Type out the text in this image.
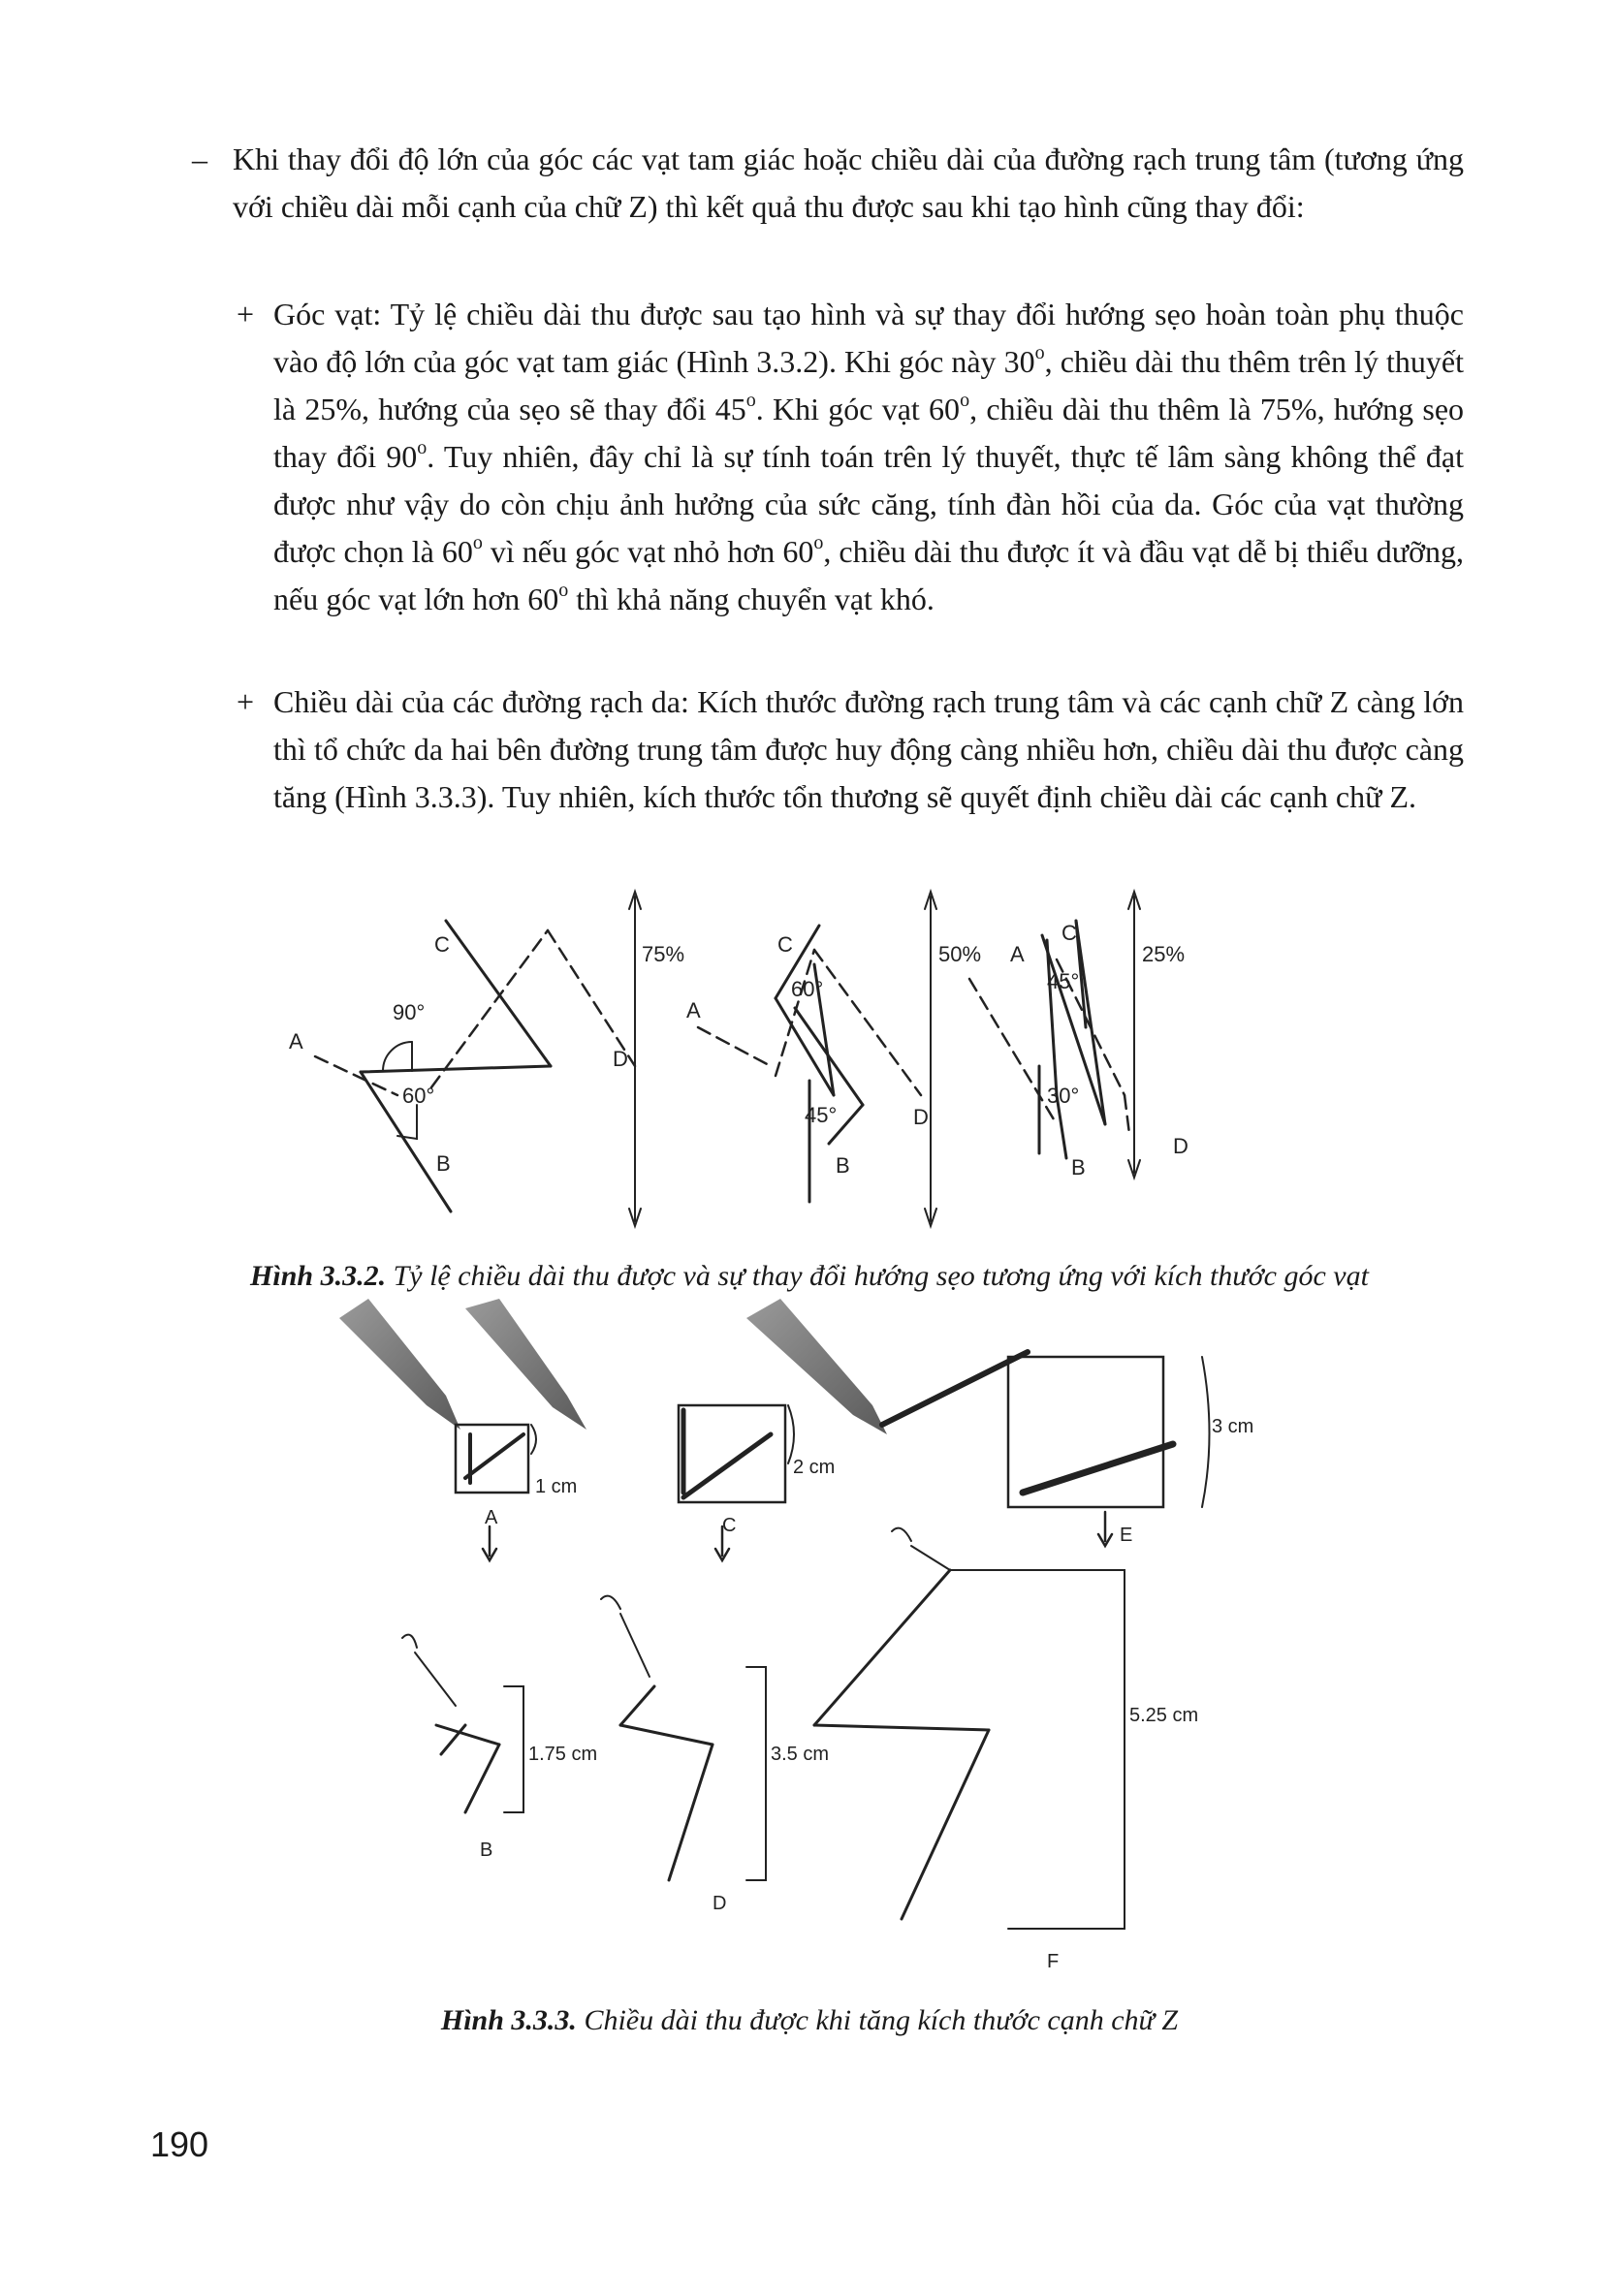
– Khi thay đổi độ lớn của góc các vạt tam giác hoặc chiều dài của đường rạch trung tâm (tương ứng với chiều dài mỗi cạnh của chữ Z) thì kết quả thu được sau khi tạo hình cũng thay đổi:
+ Góc vạt: Tỷ lệ chiều dài thu được sau tạo hình và sự thay đổi hướng sẹo hoàn toàn phụ thuộc vào độ lớn của góc vạt tam giác (Hình 3.3.2). Khi góc này 30$^o$, chiều dài thu thêm trên lý thuyết là 25%, hướng của sẹo sẽ thay đổi 45$^o$. Khi góc vạt 60$^o$, chiều dài thu thêm là 75%, hướng sẹo thay đổi 90$^o$. Tuy nhiên, đây chỉ là sự tính toán trên lý thuyết, thực tế lâm sàng không thể đạt được như vậy do còn chịu ảnh hưởng của sức căng, tính đàn hồi của da. Góc của vạt thường được chọn là 60$^o$ vì nếu góc vạt nhỏ hơn 60$^o$, chiều dài thu được ít và đầu vạt dễ bị thiểu dưỡng, nếu góc vạt lớn hơn 60$^o$ thì khả năng chuyển vạt khó.
+ Chiều dài của các đường rạch da: Kích thước đường rạch trung tâm và các cạnh chữ Z càng lớn thì tổ chức da hai bên đường trung tâm được huy động càng nhiều hơn, chiều dài thu được càng tăng (Hình 3.3.3). Tuy nhiên, kích thước tổn thương sẽ quyết định chiều dài các cạnh chữ Z.
A
B
C
D
90°
60°
75%
A
B
C
D
60°
45°
50% A
B
C
D
45°
30°
25%
Hình 3.3.2. Tỷ lệ chiều dài thu được và sự thay đổi hướng sẹo tương ứng với kích thước góc vạt
1 cm
2 cm
3 cm
A	C	E
1.75 cm	3.5 cm
5.25 cm
B
D
F
Hình 3.3.3. Chiều dài thu được khi tăng kích thước cạnh chữ Z
190
